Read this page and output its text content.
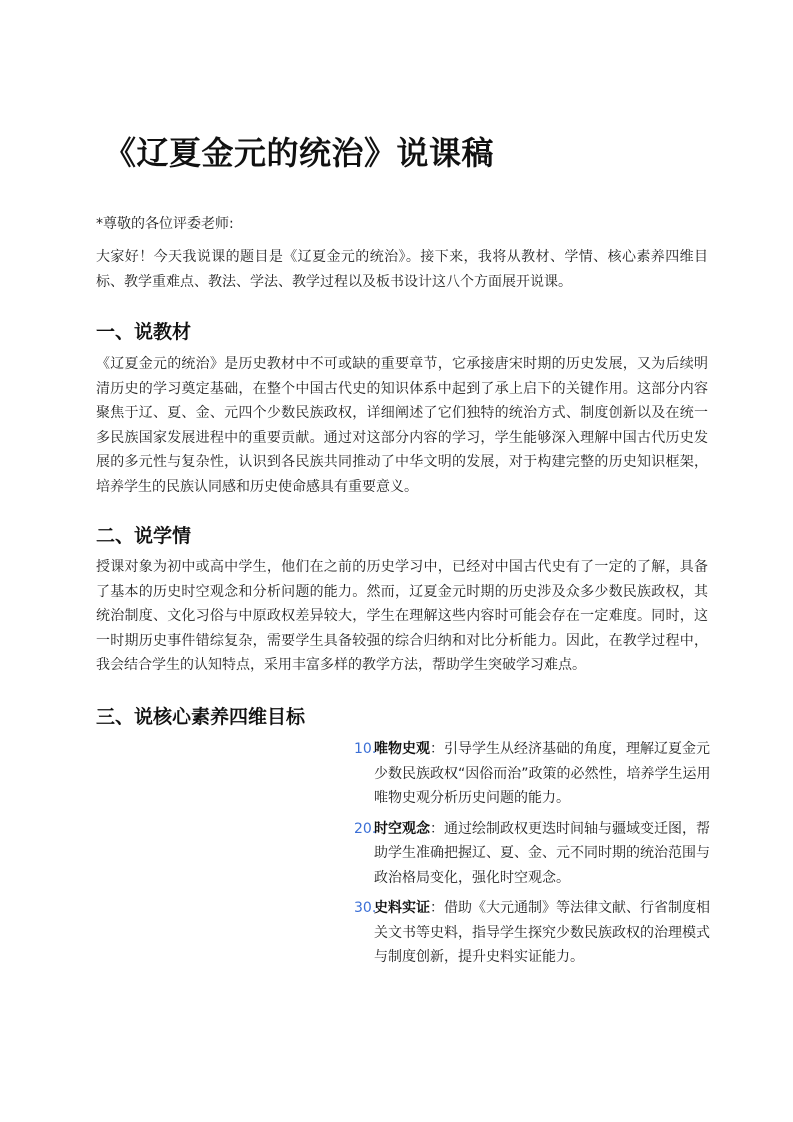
《辽夏金元的统治》说课稿
*尊敬的各位评委老师:
大家好！今天我说课的题目是《辽夏金元的统治》。接下来，我将从教材、学情、核心素养四维目标、教学重难点、教法、学法、教学过程以及板书设计这八个方面展开说课。
一、说教材
《辽夏金元的统治》是历史教材中不可或缺的重要章节，它承接唐宋时期的历史发展，又为后续明清历史的学习奠定基础，在整个中国古代史的知识体系中起到了承上启下的关键作用。这部分内容聚焦于辽、夏、金、元四个少数民族政权，详细阐述了它们独特的统治方式、制度创新以及在统一多民族国家发展进程中的重要贡献。通过对这部分内容的学习，学生能够深入理解中国古代历史发展的多元性与复杂性，认识到各民族共同推动了中华文明的发展，对于构建完整的历史知识框架，培养学生的民族认同感和历史使命感具有重要意义。
二、说学情
授课对象为初中或高中学生，他们在之前的历史学习中，已经对中国古代史有了一定的了解，具备了基本的历史时空观念和分析问题的能力。然而，辽夏金元时期的历史涉及众多少数民族政权，其统治制度、文化习俗与中原政权差异较大，学生在理解这些内容时可能会存在一定难度。同时，这一时期历史事件错综复杂，需要学生具备较强的综合归纳和对比分析能力。因此，在教学过程中，我会结合学生的认知特点，采用丰富多样的教学方法，帮助学生突破学习难点。
三、说核心素养四维目标
10.
唯物史观：引导学生从经济基础的角度，理解辽夏金元少数民族政权“因俗而治”政策的必然性，培养学生运用唯物史观分析历史问题的能力。
20.
时空观念：通过绘制政权更迭时间轴与疆域变迁图，帮助学生准确把握辽、夏、金、元不同时期的统治范围与政治格局变化，强化时空观念。
30.
史料实证：借助《大元通制》等法律文献、行省制度相关文书等史料，指导学生探究少数民族政权的治理模式与制度创新，提升史料实证能力。
